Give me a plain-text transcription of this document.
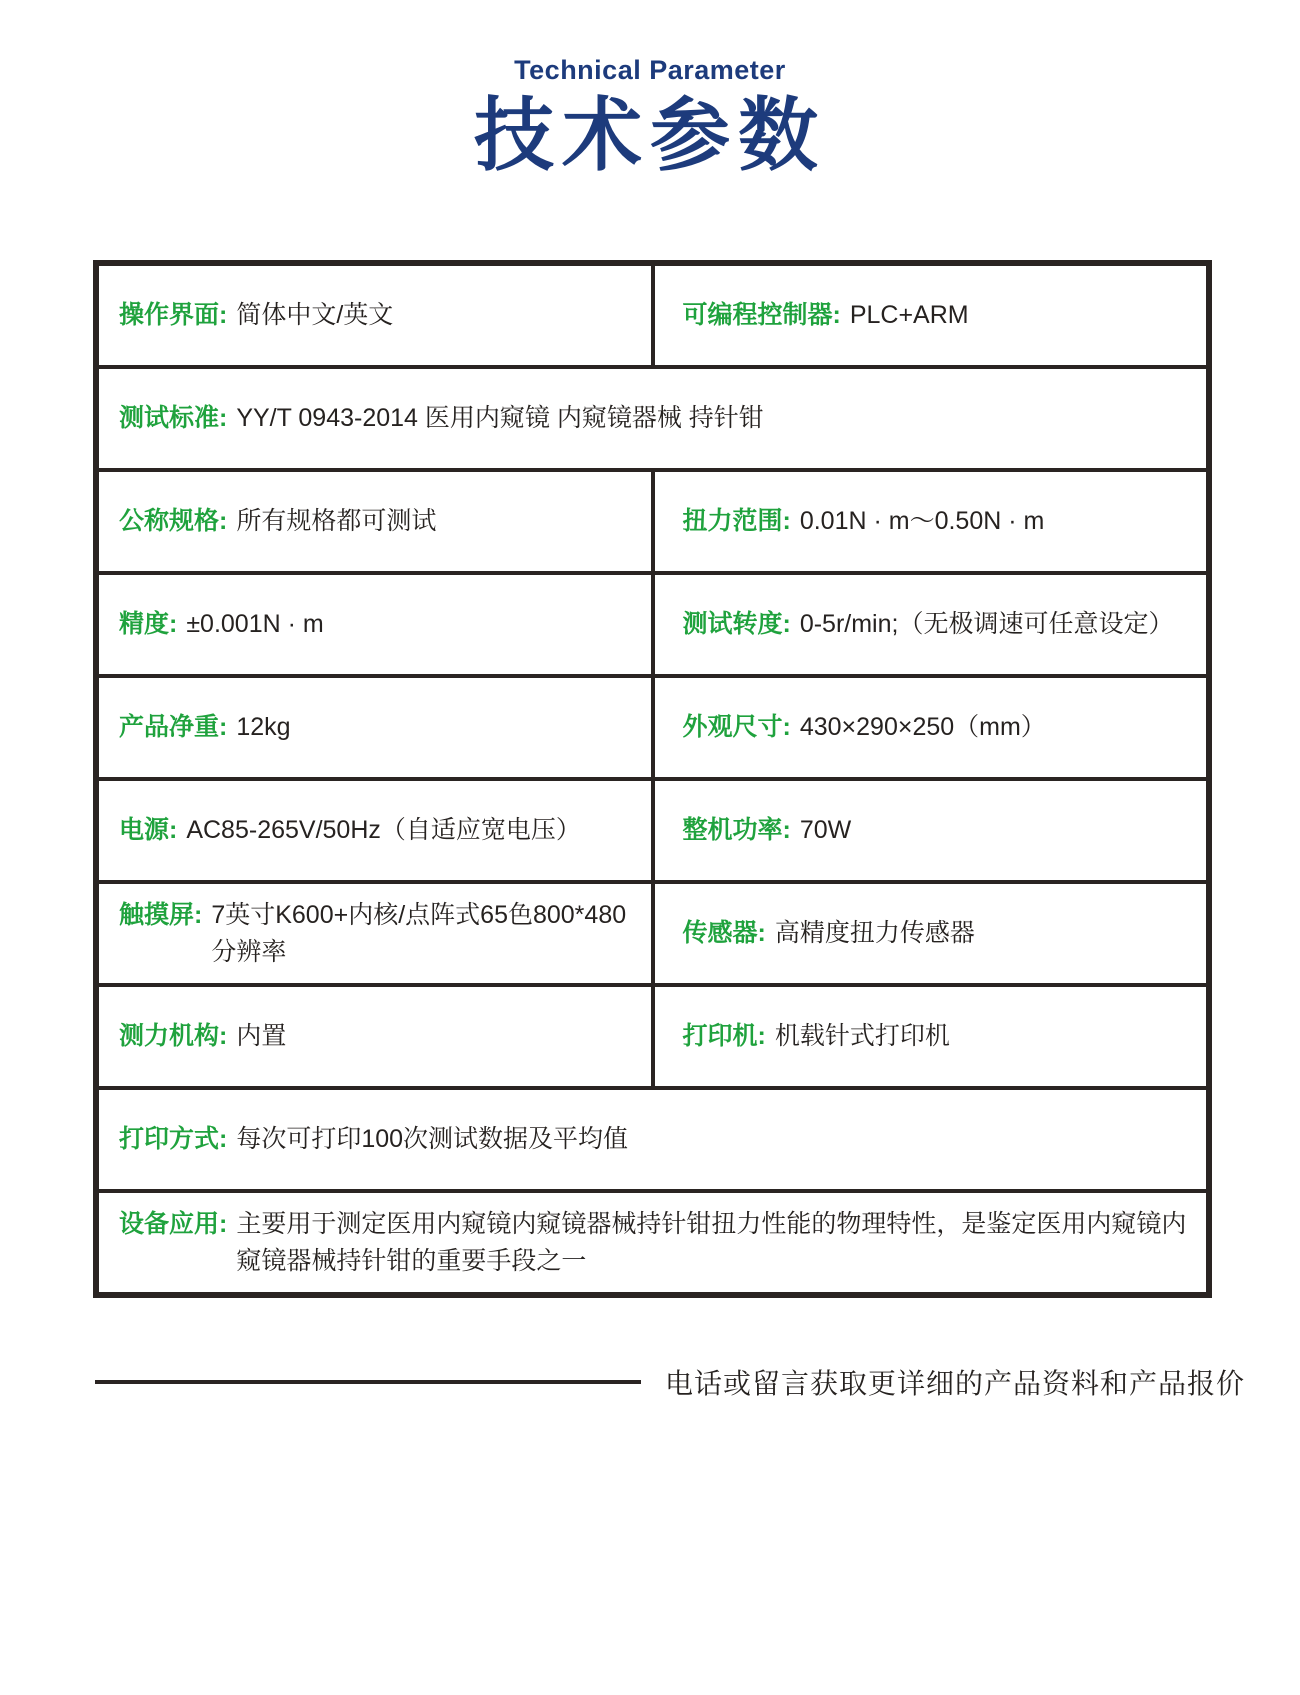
Technical Parameter
技术参数
操作界面: 简体中文/英文	可编程控制器: PLC+ARM

测试标准: YY/T 0943-2014 医用内窥镜 内窥镜器械 持针钳	

公称规格: 所有规格都可测试	扭力范围: 0.01N · m～0.50N · m

精度: ±0.001N · m	测试转度: 0-5r/min;（无极调速可任意设定）

产品净重: 12kg	外观尺寸: 430×290×250（mm）

电源: AC85-265V/50Hz（自适应宽电压）	整机功率: 70W

触摸屏: 7英寸K600+内核/点阵式65色800*480分辨率	传感器: 高精度扭力传感器

测力机构: 内置	打印机: 机载针式打印机

打印方式: 每次可打印100次测试数据及平均值	

设备应用: 主要用于测定医用内窥镜内窥镜器械持针钳扭力性能的物理特性，是鉴定医用内窥镜内窥镜器械持针钳的重要手段之一	
电话或留言获取更详细的产品资料和产品报价
